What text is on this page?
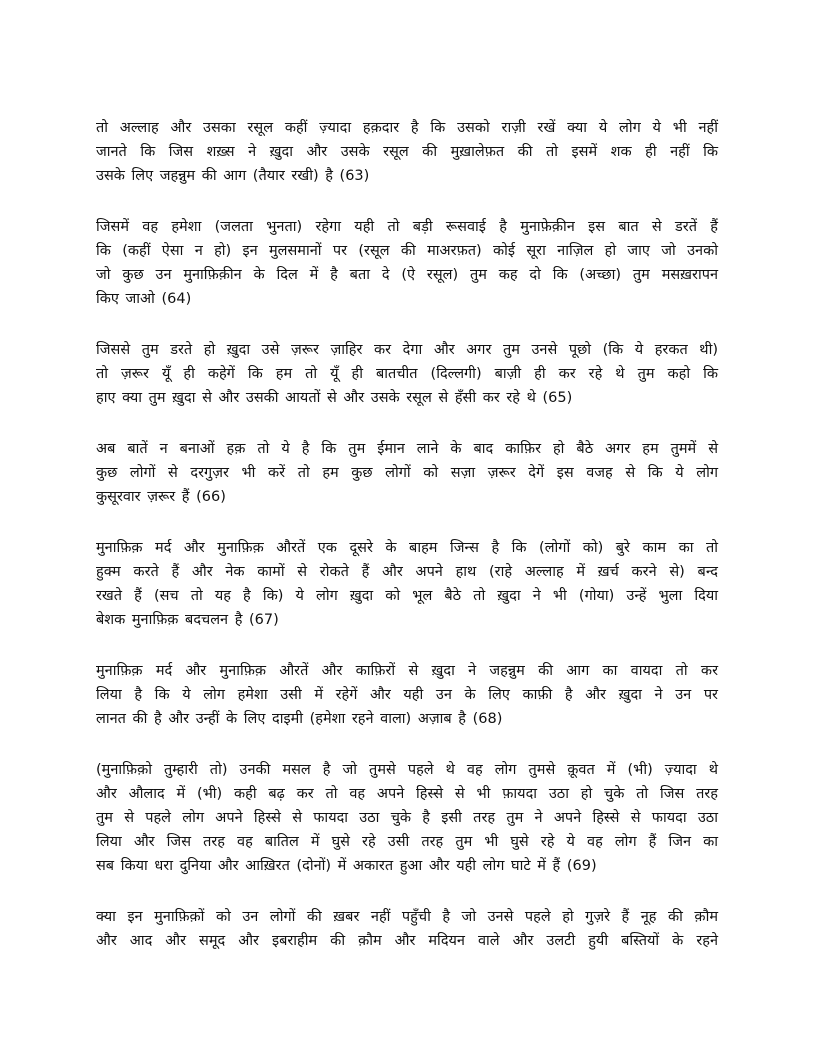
तो अल्लाह और उसका रसूल कहीं ज़्यादा हक़दार है कि उसको राज़ी रखें क्या ये लोग ये भी नहीं
जानते कि जिस शख़्स ने ख़ुदा और उसके रसूल की मुख़ालेफ़त की तो इसमें शक ही नहीं कि
उसके लिए जहन्नुम की आग (तैयार रखी) है (63)

जिसमें वह हमेशा (जलता भुनता) रहेगा यही तो बड़ी रूसवाई है मुनाफ़ेक़ीन इस बात से डरतें हैं
कि (कहीं ऐसा न हो) इन मुलसमानों पर (रसूल की माअरफ़त) कोई सूरा नाज़िल हो जाए जो उनको
जो कुछ उन मुनाफ़िक़ीन के दिल में है बता दे (ऐ रसूल) तुम कह दो कि (अच्छा) तुम मसख़रापन
किए जाओ (64)

जिससे तुम डरते हो ख़ुदा उसे ज़रूर ज़ाहिर कर देगा और अगर तुम उनसे पूछो (कि ये हरकत थी)
तो ज़रूर यूँ ही कहेगें कि हम तो यूँ ही बातचीत (दिल्लगी) बाज़ी ही कर रहे थे तुम कहो कि
हाए क्या तुम ख़ुदा से और उसकी आयतों से और उसके रसूल से हँसी कर रहे थे (65)

अब बातें न बनाओं हक़ तो ये है कि तुम ईमान लाने के बाद काफ़िर हो बैठे अगर हम तुममें से
कुछ लोगों से दरगुज़र भी करें तो हम कुछ लोगों को सज़ा ज़रूर देगें इस वजह से कि ये लोग
कुसूरवार ज़रूर हैं (66)

मुनाफ़िक़ मर्द और मुनाफ़िक़ औरतें एक दूसरे के बाहम जिन्स है कि (लोगों को) बुरे काम का तो
हुक्म करते हैं और नेक कामों से रोकते हैं और अपने हाथ (राहे अल्लाह में ख़र्च करने से) बन्द
रखते हैं (सच तो यह है कि) ये लोग ख़ुदा को भूल बैठे तो ख़ुदा ने भी (गोया) उन्हें भुला दिया
बेशक मुनाफ़िक़ बदचलन है (67)

मुनाफ़िक़ मर्द और मुनाफ़िक़ औरतें और काफ़िरों से ख़ुदा ने जहन्नुम की आग का वायदा तो कर
लिया है कि ये लोग हमेशा उसी में रहेगें और यही उन के लिए काफ़ी है और ख़ुदा ने उन पर
लानत की है और उन्हीं के लिए दाइमी (हमेशा रहने वाला) अज़ाब है (68)

(मुनाफ़िक़ो तुम्हारी तो) उनकी मसल है जो तुमसे पहले थे वह लोग तुमसे क़ूवत में (भी) ज़्यादा थे
और औलाद में (भी) कही बढ़ कर तो वह अपने हिस्से से भी फ़ायदा उठा हो चुके तो जिस तरह
तुम से पहले लोग अपने हिस्से से फायदा उठा चुके है इसी तरह तुम ने अपने हिस्से से फायदा उठा
लिया और जिस तरह वह बातिल में घुसे रहे उसी तरह तुम भी घुसे रहे ये वह लोग हैं जिन का
सब किया धरा दुनिया और आख़िरत (दोनों) में अकारत हुआ और यही लोग घाटे में हैं (69)

क्या इन मुनाफ़िक़ों को उन लोगों की ख़बर नहीं पहुँची है जो उनसे पहले हो गुज़रे हैं नूह की क़ौम
और आद और समूद और इबराहीम की क़ौम और मदियन वाले और उलटी हुयी बस्तियों के रहने
